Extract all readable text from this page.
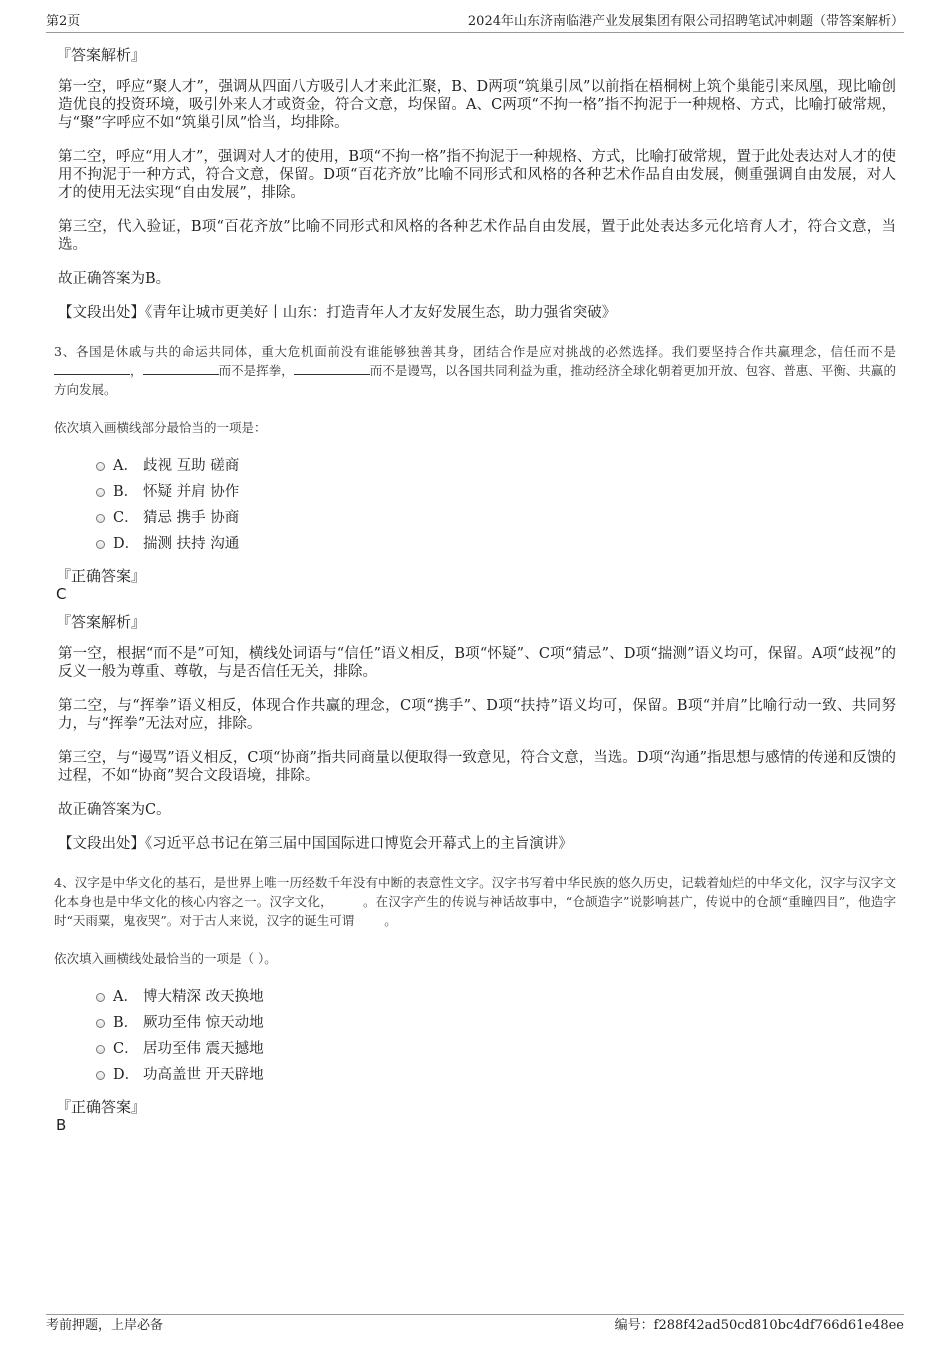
第2页	2024年山东济南临港产业发展集团有限公司招聘笔试冲刺题（带答案解析）
『答案解析』

第一空，呼应“聚人才”，强调从四面八方吸引人才来此汇聚，B、D两项“筑巢引凤”以前指在梧桐树上筑个巢能引来凤凰，现比喻创造优良的投资环境，吸引外来人才或资金，符合文意，均保留。A、C两项“不拘一格”指不拘泥于一种规格、方式，比喻打破常规，与“聚”字呼应不如“筑巢引凤”恰当，均排除。

第二空，呼应“用人才”，强调对人才的使用，B项“不拘一格”指不拘泥于一种规格、方式，比喻打破常规，置于此处表达对人才的使用不拘泥于一种方式，符合文意，保留。D项“百花齐放”比喻不同形式和风格的各种艺术作品自由发展，侧重强调自由发展，对人才的使用无法实现“自由发展”，排除。

第三空，代入验证，B项“百花齐放”比喻不同形式和风格的各种艺术作品自由发展，置于此处表达多元化培育人才，符合文意，当选。

故正确答案为B。

【文段出处】《青年让城市更美好丨山东：打造青年人才友好发展生态，助力强省突破》

3、各国是休戚与共的命运共同体，重大危机面前没有谁能够独善其身，团结合作是应对挑战的必然选择。我们要坚持合作共赢理念，信任而不是，	而不是挥拳，	而不是谩骂，以各国共同利益为重，推动经济全球化朝着更加开放、包容、普惠、平衡、共赢的方向发展。

依次填入画横线部分最恰当的一项是：

A． 歧视 互助 磋商
B． 怀疑 并肩 协作
C． 猜忌 携手 协商
D． 揣测 扶持 沟通
『正确答案』
C
『答案解析』

第一空，根据“而不是”可知，横线处词语与“信任”语义相反，B项“怀疑”、C项“猜忌”、D项“揣测”语义均可，保留。A项“歧视”的反义一般为尊重、尊敬，与是否信任无关，排除。

第二空，与“挥拳”语义相反，体现合作共赢的理念，C项“携手”、D项“扶持”语义均可，保留。B项“并肩”比喻行动一致、共同努力，与“挥拳”无法对应，排除。

第三空，与“谩骂”语义相反，C项“协商”指共同商量以便取得一致意见，符合文意，当选。D项“沟通”指思想与感情的传递和反馈的过程，不如“协商”契合文段语境，排除。

故正确答案为C。

【文段出处】《习近平总书记在第三届中国国际进口博览会开幕式上的主旨演讲》

4、汉字是中华文化的基石，是世界上唯一历经数千年没有中断的表意性文字。汉字书写着中华民族的悠久历史，记载着灿烂的中华文化，汉字与汉字文化本身也是中华文化的核心内容之一。汉字文化， 。在汉字产生的传说与神话故事中，“仓颉造字”说影响甚广，传说中的仓颉“重瞳四目”，他造字时“天雨粟，鬼夜哭”。对于古人来说，汉字的诞生可谓 。

依次填入画横线处最恰当的一项是（ ）。

A． 博大精深 改天换地
B． 厥功至伟 惊天动地
C． 居功至伟 震天撼地
D． 功高盖世 开天辟地
『正确答案』
B
考前押题，上岸必备	编号：f288f42ad50cd810bc4df766d61e48ee
